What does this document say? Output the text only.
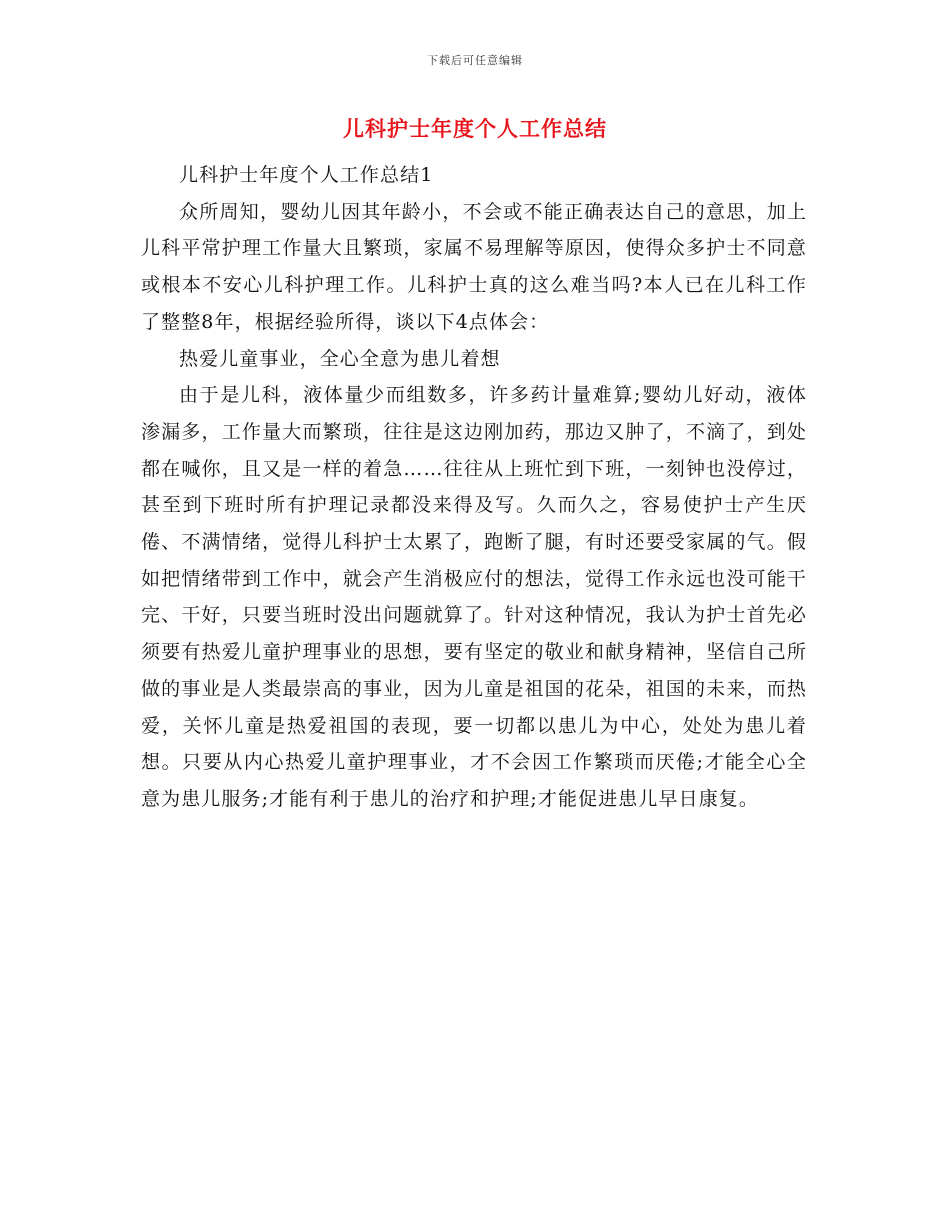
下载后可任意编辑
儿科护士年度个人工作总结

儿科护士年度个人工作总结1

众所周知，婴幼儿因其年龄小，不会或不能正确表达自己的意思，加上儿科平常护理工作量大且繁琐，家属不易理解等原因，使得众多护士不同意或根本不安心儿科护理工作。儿科护士真的这么难当吗?本人已在儿科工作了整整8年，根据经验所得，谈以下4点体会：

热爱儿童事业，全心全意为患儿着想

由于是儿科，液体量少而组数多，许多药计量难算;婴幼儿好动，液体渗漏多，工作量大而繁琐，往往是这边刚加药，那边又肿了，不滴了，到处都在喊你，且又是一样的着急……往往从上班忙到下班，一刻钟也没停过，甚至到下班时所有护理记录都没来得及写。久而久之，容易使护士产生厌倦、不满情绪，觉得儿科护士太累了，跑断了腿，有时还要受家属的气。假如把情绪带到工作中，就会产生消极应付的想法，觉得工作永远也没可能干完、干好，只要当班时没出问题就算了。针对这种情况，我认为护士首先必须要有热爱儿童护理事业的思想，要有坚定的敬业和献身精神，坚信自己所做的事业是人类最崇高的事业，因为儿童是祖国的花朵，祖国的未来，而热爱，关怀儿童是热爱祖国的表现，要一切都以患儿为中心，处处为患儿着想。只要从内心热爱儿童护理事业，才不会因工作繁琐而厌倦;才能全心全意为患儿服务;才能有利于患儿的治疗和护理;才能促进患儿早日康复。
